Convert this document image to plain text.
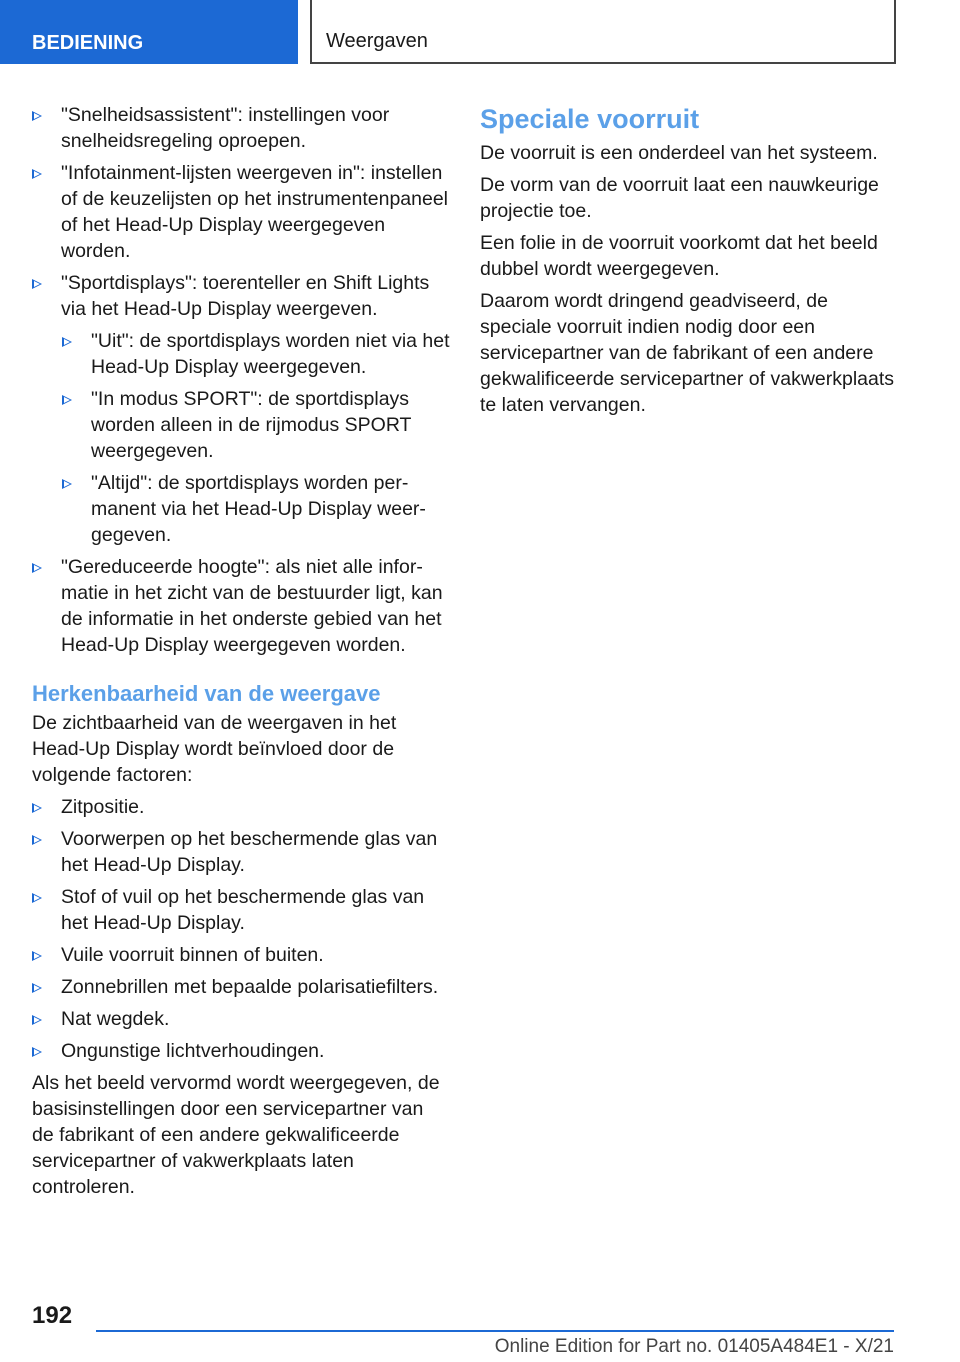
BEDIENING	Weergaven
"Snelheidsassistent": instellingen voor snelheidsregeling oproepen.
"Infotainment-lijsten weergeven in": instellen of de keuzelijsten op het instrumentenpaneel of het Head-Up Display weergegeven worden.
"Sportdisplays": toerenteller en Shift Lights via het Head-Up Display weergeven.
"Uit": de sportdisplays worden niet via het Head-Up Display weergegeven.
"In modus SPORT": de sportdisplays worden alleen in de rijmodus SPORT weergegeven.
"Altijd": de sportdisplays worden permanent via het Head-Up Display weergegeven.
"Gereduceerde hoogte": als niet alle informatie in het zicht van de bestuurder ligt, kan de informatie in het onderste gebied van het Head-Up Display weergegeven worden.
Herkenbaarheid van de weergave

De zichtbaarheid van de weergaven in het Head-Up Display wordt beïnvloed door de volgende factoren:

Zitpositie.
Voorwerpen op het beschermende glas van het Head-Up Display.
Stof of vuil op het beschermende glas van het Head-Up Display.
Vuile voorruit binnen of buiten.
Zonnebrillen met bepaalde polarisatiefilters.
Nat wegdek.
Ongunstige lichtverhoudingen.

Als het beeld vervormd wordt weergegeven, de basisinstellingen door een servicepartner van de fabrikant of een andere gekwalificeerde servicepartner of vakwerkplaats laten controleren.

Speciale voorruit

De voorruit is een onderdeel van het systeem.

De vorm van de voorruit laat een nauwkeurige projectie toe.

Een folie in de voorruit voorkomt dat het beeld dubbel wordt weergegeven.

Daarom wordt dringend geadviseerd, de speciale voorruit indien nodig door een servicepartner van de fabrikant of een andere gekwalificeerde servicepartner of vakwerkplaats te laten vervangen.

192
Online Edition for Part no. 01405A484E1 - X/21
